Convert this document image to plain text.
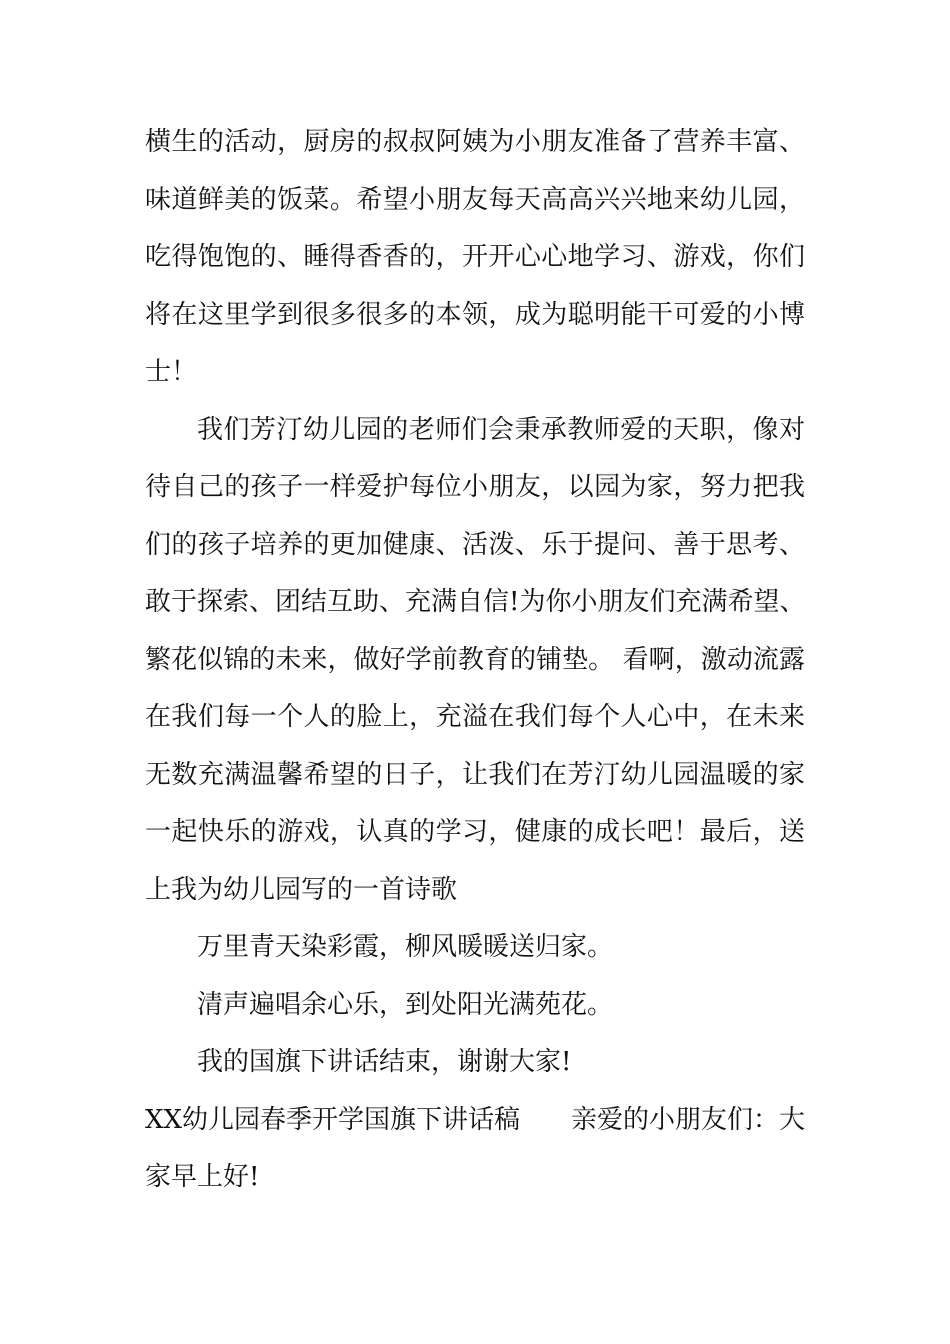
横生的活动，厨房的叔叔阿姨为小朋友准备了营养丰富、
味道鲜美的饭菜。希望小朋友每天高高兴兴地来幼儿园，
吃得饱饱的、睡得香香的，开开心心地学习、游戏，你们
将在这里学到很多很多的本领，成为聪明能干可爱的小博
士！
我们芳汀幼儿园的老师们会秉承教师爱的天职，像对
待自己的孩子一样爱护每位小朋友，以园为家，努力把我
们的孩子培养的更加健康、活泼、乐于提问、善于思考、
敢于探索、团结互助、充满自信!为你小朋友们充满希望、
繁花似锦的未来，做好学前教育的铺垫。 看啊，激动流露
在我们每一个人的脸上，充溢在我们每个人心中，在未来
无数充满温馨希望的日子，让我们在芳汀幼儿园温暖的家
一起快乐的游戏，认真的学习，健康的成长吧！最后，送
上我为幼儿园写的一首诗歌
万里青天染彩霞，柳风暖暖送归家。
清声遍唱余心乐，到处阳光满苑花。
我的国旗下讲话结束，谢谢大家!
XX幼儿园春季开学国旗下讲话稿 亲爱的小朋友们：大
家早上好!
